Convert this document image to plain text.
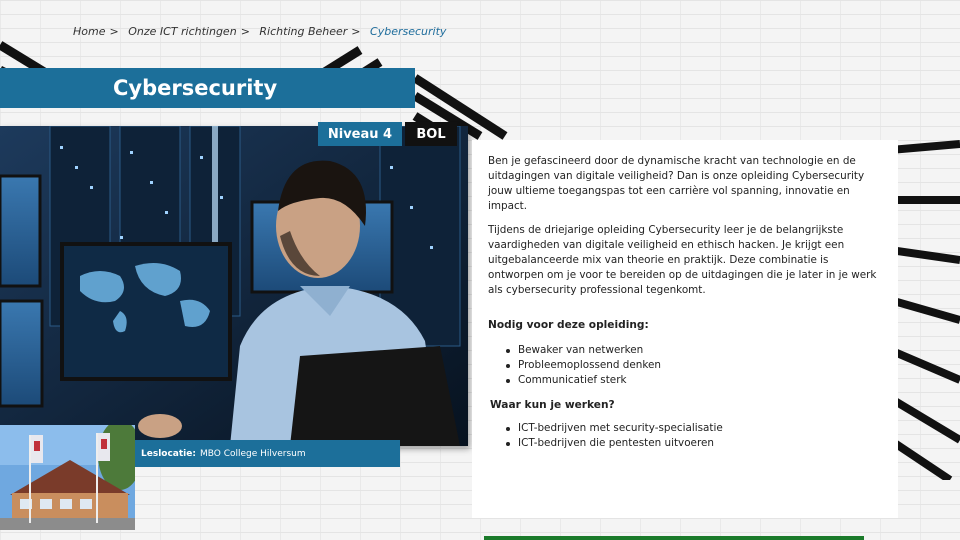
Home > Onze ICT richtingen > Richting Beheer > Cybersecurity
Cybersecurity
Niveau 4	BOL
Leslocatie: MBO College Hilversum

Ben je gefascineerd door de dynamische kracht van technologie en de uitdagingen van digitale veiligheid? Dan is onze opleiding Cybersecurity jouw ultieme toegangspas tot een carrière vol spanning, innovatie en impact.

Tijdens de driejarige opleiding Cybersecurity leer je de belangrijkste vaardigheden van digitale veiligheid en ethisch hacken. Je krijgt een uitgebalanceerde mix van theorie en praktijk. Deze combinatie is ontworpen om je voor te bereiden op de uitdagingen die je later in je werk als cybersecurity professional tegenkomt.

Nodig voor deze opleiding:
Bewaker van netwerken
Probleemoplossend denken
Communicatief sterk
Waar kun je werken?
ICT-bedrijven met security-specialisatie
ICT-bedrijven die pentesten uitvoeren
